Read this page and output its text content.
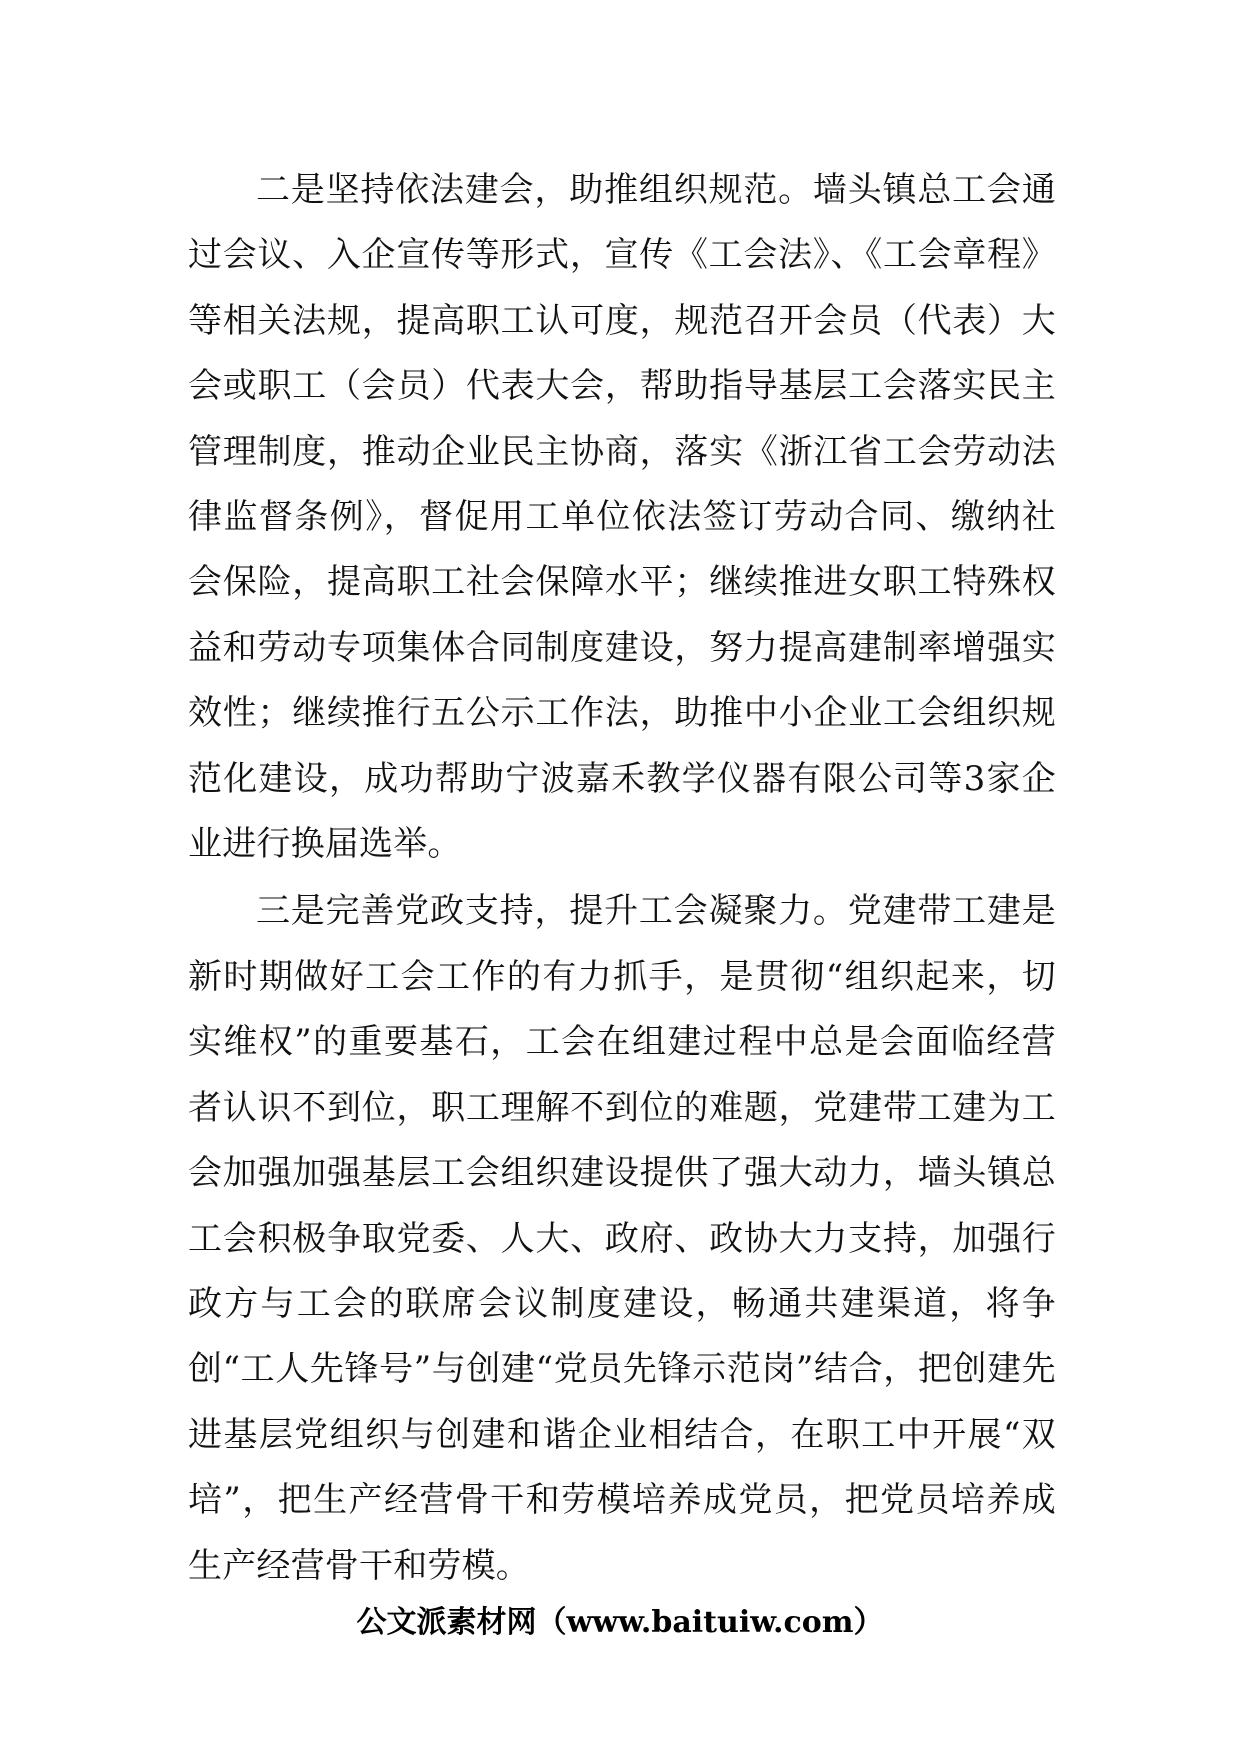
二是坚持依法建会，助推组织规范。墙头镇总工会通过会议、入企宣传等形式，宣传《工会法》、《工会章程》等相关法规，提高职工认可度，规范召开会员（代表）大会或职工（会员）代表大会，帮助指导基层工会落实民主管理制度，推动企业民主协商，落实《浙江省工会劳动法律监督条例》，督促用工单位依法签订劳动合同、缴纳社会保险，提高职工社会保障水平；继续推进女职工特殊权益和劳动专项集体合同制度建设，努力提高建制率增强实效性；继续推行五公示工作法，助推中小企业工会组织规范化建设，成功帮助宁波嘉禾教学仪器有限公司等3家企业进行换届选举。

三是完善党政支持，提升工会凝聚力。党建带工建是新时期做好工会工作的有力抓手，是贯彻“组织起来，切实维权”的重要基石，工会在组建过程中总是会面临经营者认识不到位，职工理解不到位的难题，党建带工建为工会加强加强基层工会组织建设提供了强大动力，墙头镇总工会积极争取党委、人大、政府、政协大力支持，加强行政方与工会的联席会议制度建设，畅通共建渠道，将争创“工人先锋号”与创建“党员先锋示范岗”结合，把创建先进基层党组织与创建和谐企业相结合，在职工中开展“双培”，把生产经营骨干和劳模培养成党员，把党员培养成生产经营骨干和劳模。

公文派素材网（www.baituiw.com）
